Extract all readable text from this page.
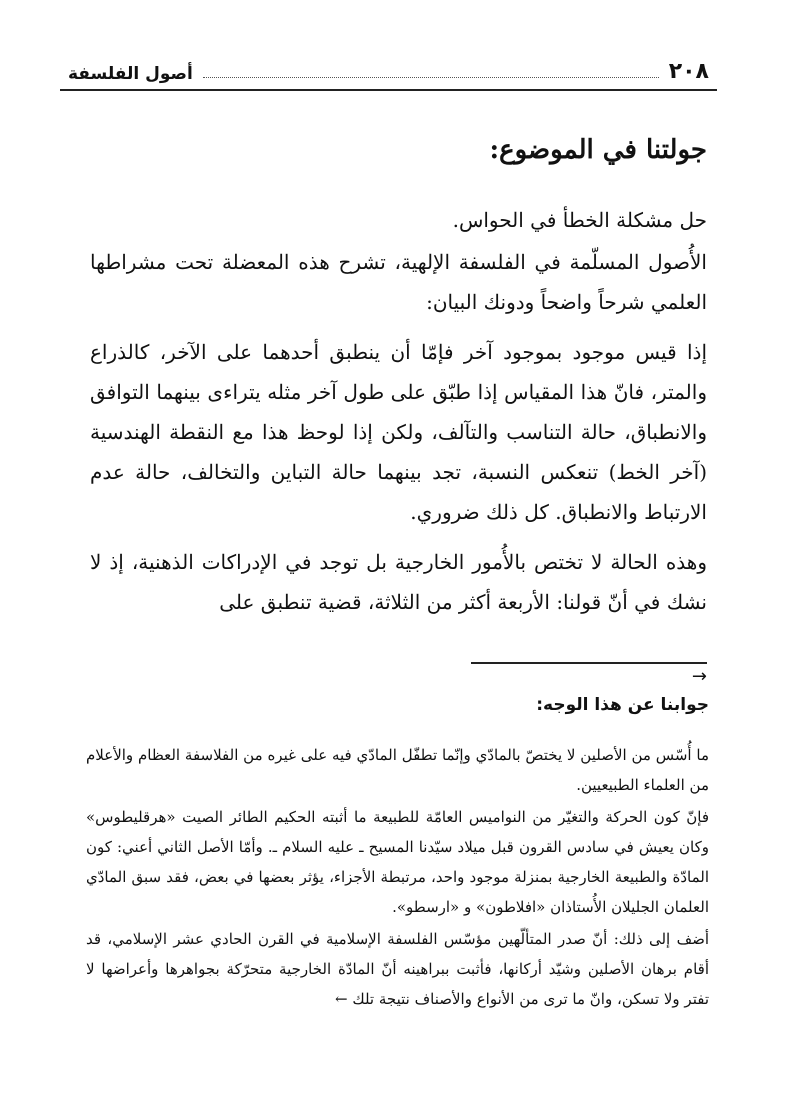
٢٠٨
أصول الفلسفة
جولتنا في الموضوع:

حل مشكلة الخطأ في الحواس.

الأُصول المسلّمة في الفلسفة الإلهية، تشرح هذه المعضلة تحت مشراطها العلمي شرحاً واضحاً ودونك البيان:

إذا قيس موجود بموجود آخر فإمّا أن ينطبق أحدهما على الآخر، كالذراع والمتر، فانّ هذا المقياس إذا طبّق على طول آخر مثله يتراءى بينهما التوافق والانطباق، حالة التناسب والتآلف، ولكن إذا لوحظ هذا مع النقطة الهندسية (آخر الخط) تنعكس النسبة، تجد بينهما حالة التباين والتخالف، حالة عدم الارتباط والانطباق. كل ذلك ضروري.

وهذه الحالة لا تختص بالأُمور الخارجية بل توجد في الإدراكات الذهنية، إذ لا نشك في أنّ قولنا: الأربعة أكثر من الثلاثة، قضية تنطبق على

→
جوابنا عن هذا الوجه:

ما أُسّس من الأصلين لا يختصّ بالمادّي وإنّما تطفّل المادّي فيه على غيره من الفلاسفة العظام والأعلام من العلماء الطبيعيين.

فإنّ كون الحركة والتغيّر من النواميس العامّة للطبيعة ما أثبته الحكيم الطائر الصيت «هرقليطوس» وكان يعيش في سادس القرون قبل ميلاد سيّدنا المسيح ـ عليه السلام ـ. وأمّا الأصل الثاني أعني: كون المادّة والطبيعة الخارجية بمنزلة موجود واحد، مرتبطة الأجزاء، يؤثر بعضها في بعض، فقد سبق المادّي العلمان الجليلان الأُستاذان «افلاطون» و «ارسطو».

أضف إلى ذلك: أنّ صدر المتألّهين مؤسّس الفلسفة الإسلامية في القرن الحادي عشر الإسلامي، قد أقام برهان الأصلين وشيّد أركانها، فأثبت ببراهينه أنّ المادّة الخارجية متحرّكة بجواهرها وأعراضها لا تفتر ولا تسكن، وانّ ما ترى من الأنواع والأصناف نتيجة تلك ←
